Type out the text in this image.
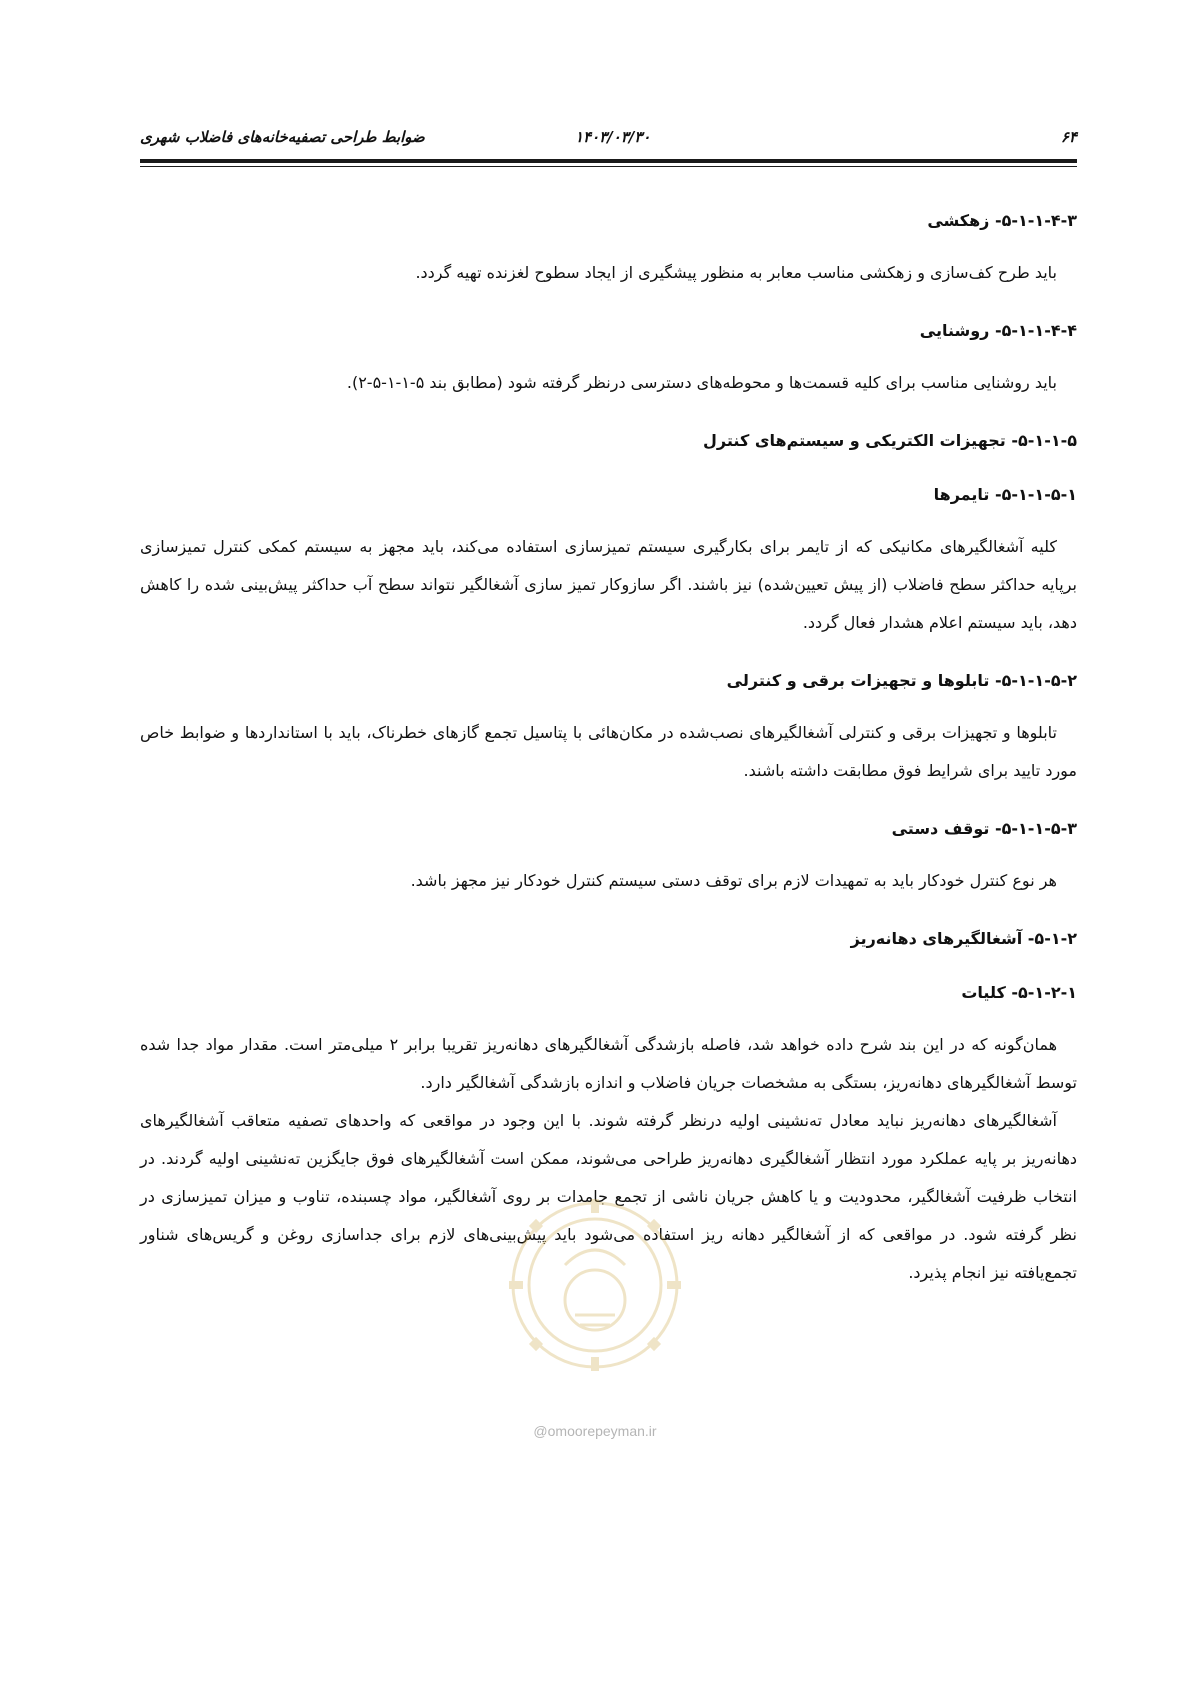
۶۴
۱۴۰۳/۰۳/۳۰
ضوابط طراحی تصفیه‌خانه‌های فاضلاب شهری

۵-۱-۱-۴-۳- زهکشی

باید طرح کف‌سازی و زهکشی مناسب معابر به منظور پیشگیری از ایجاد سطوح لغزنده تهیه گردد.

۵-۱-۱-۴-۴- روشنایی

باید روشنایی مناسب برای کلیه قسمت‌ها و محوطه‌های دسترسی درنظر گرفته شود (مطابق بند ۵-۱-۱-۵-۲).

۵-۱-۱-۵- تجهیزات الکتریکی و سیستم‌های کنترل

۵-۱-۱-۵-۱- تایمرها

کلیه آشغالگیرهای مکانیکی که از تایمر برای بکارگیری سیستم تمیزسازی استفاده می‌کند، باید مجهز به سیستم کمکی کنترل تمیزسازی برپایه حداکثر سطح فاضلاب (از پیش تعیین‌شده) نیز باشند. اگر سازوکار تمیز سازی آشغالگیر نتواند سطح آب حداکثر پیش‌بینی شده را کاهش دهد، باید سیستم اعلام هشدار فعال گردد.

۵-۱-۱-۵-۲- تابلوها و تجهیزات برقی و کنترلی

تابلوها و تجهیزات برقی و کنترلی آشغالگیرهای نصب‌شده در مکان‌هائی با پتاسیل تجمع گازهای خطرناک، باید با استانداردها و ضوابط خاص مورد تایید برای شرایط فوق مطابقت داشته باشند.

۵-۱-۱-۵-۳- توقف دستی

هر نوع کنترل خودکار باید به تمهیدات لازم برای توقف دستی سیستم کنترل خودکار نیز مجهز باشد.

۵-۱-۲- آشغالگیرهای دهانه‌ریز

۵-۱-۲-۱- کلیات

همان‌گونه که در این بند شرح داده خواهد شد، فاصله بازشدگی آشغالگیرهای دهانه‌ریز تقریبا برابر ۲ میلی‌متر است. مقدار مواد جدا شده توسط آشغالگیرهای دهانه‌ریز، بستگی به مشخصات جریان فاضلاب و اندازه بازشدگی آشغالگیر دارد.

آشغالگیرهای دهانه‌ریز نباید معادل ته‌نشینی اولیه درنظر گرفته شوند. با این وجود در مواقعی که واحدهای تصفیه متعاقب آشغالگیرهای دهانه‌ریز بر پایه عملکرد مورد انتظار آشغالگیری دهانه‌ریز طراحی می‌شوند، ممکن است آشغالگیرهای فوق جایگزین ته‌نشینی اولیه گردند. در انتخاب ظرفیت آشغالگیر، محدودیت و یا کاهش جریان ناشی از تجمع جامدات بر روی آشغالگیر، مواد چسبنده، تناوب و میزان تمیزسازی در نظر گرفته شود. در مواقعی که از آشغالگیر دهانه ریز استفاده می‌شود باید پیش‌بینی‌های لازم برای جداسازی روغن و گریس‌های شناور تجمع‌یافته نیز انجام پذیرد.

@omoorepeyman.ir
